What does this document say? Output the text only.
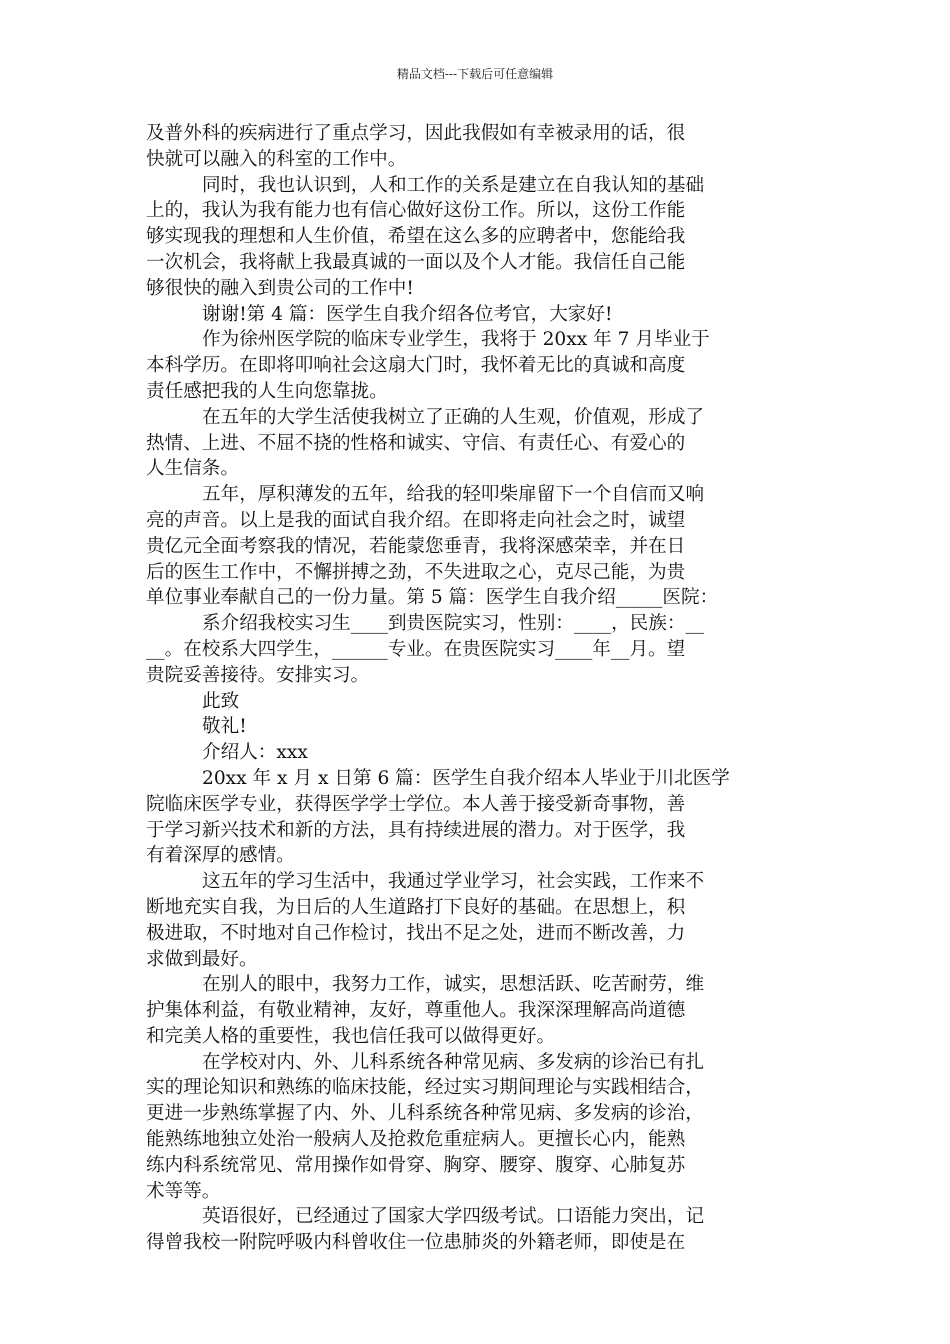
精品文档---下载后可任意编辑
及普外科的疾病进行了重点学习，因此我假如有幸被录用的话，很
快就可以融入的科室的工作中。
同时，我也认识到，人和工作的关系是建立在自我认知的基础
上的，我认为我有能力也有信心做好这份工作。所以，这份工作能
够实现我的理想和人生价值，希望在这么多的应聘者中，您能给我
一次机会，我将献上我最真诚的一面以及个人才能。我信任自己能
够很快的融入到贵公司的工作中!
谢谢!第 4 篇：医学生自我介绍各位考官，大家好!
作为徐州医学院的临床专业学生，我将于 20xx 年 7 月毕业于
本科学历。在即将叩响社会这扇大门时，我怀着无比的真诚和高度
责任感把我的人生向您靠拢。
在五年的大学生活使我树立了正确的人生观，价值观，形成了
热情、上进、不屈不挠的性格和诚实、守信、有责任心、有爱心的
人生信条。
五年，厚积薄发的五年，给我的轻叩柴扉留下一个自信而又响
亮的声音。以上是我的面试自我介绍。在即将走向社会之时，诚望
贵亿元全面考察我的情况，若能蒙您垂青，我将深感荣幸，并在日
后的医生工作中，不懈拼搏之劲，不失进取之心，克尽己能，为贵
单位事业奉献自己的一份力量。第 5 篇：医学生自我介绍_____医院：
系介绍我校实习生____到贵医院实习，性别：____，民族：__
__。在校系大四学生，______专业。在贵医院实习____年__月。望
贵院妥善接待。安排实习。
此致
敬礼!
介绍人：xxx
20xx 年 x 月 x 日第 6 篇：医学生自我介绍本人毕业于川北医学
院临床医学专业，获得医学学士学位。本人善于接受新奇事物，善
于学习新兴技术和新的方法，具有持续进展的潜力。对于医学，我
有着深厚的感情。
这五年的学习生活中，我通过学业学习，社会实践，工作来不
断地充实自我，为日后的人生道路打下良好的基础。在思想上，积
极进取，不时地对自己作检讨，找出不足之处，进而不断改善，力
求做到最好。
在别人的眼中，我努力工作，诚实，思想活跃、吃苦耐劳，维
护集体利益，有敬业精神，友好，尊重他人。我深深理解高尚道德
和完美人格的重要性，我也信任我可以做得更好。
在学校对内、外、儿科系统各种常见病、多发病的诊治已有扎
实的理论知识和熟练的临床技能，经过实习期间理论与实践相结合，
更进一步熟练掌握了内、外、儿科系统各种常见病、多发病的诊治，
能熟练地独立处治一般病人及抢救危重症病人。更擅长心内，能熟
练内科系统常见、常用操作如骨穿、胸穿、腰穿、腹穿、心肺复苏
术等等。
英语很好，已经通过了国家大学四级考试。口语能力突出，记
得曾我校一附院呼吸内科曾收住一位患肺炎的外籍老师，即使是在
